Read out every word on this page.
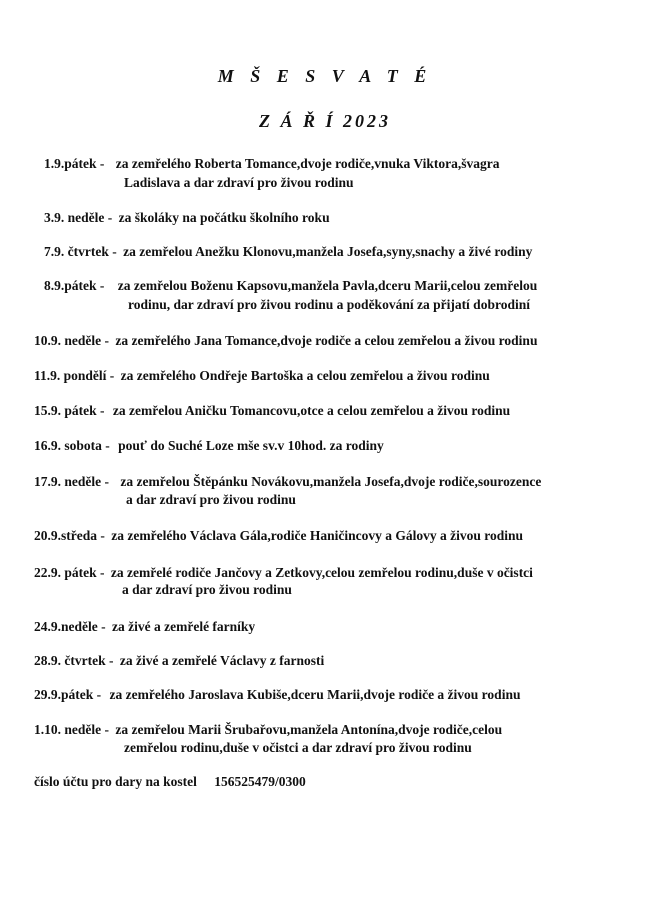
M Š E S V A T É
Z Á Ř Í 2023
1.9.pátek - za zemřelého Roberta Tomance,dvoje rodiče,vnuka Viktora,švagra
Ladislava a dar zdraví pro živou rodinu
3.9. neděle - za školáky na počátku školního roku
7.9. čtvrtek - za zemřelou Anežku Klonovu,manžela Josefa,syny,snachy a živé rodiny
8.9.pátek - za zemřelou Boženu Kapsovu,manžela Pavla,dceru Marii,celou zemřelou
rodinu, dar zdraví pro živou rodinu a poděkování za přijatí dobrodiní
10.9. neděle - za zemřelého Jana Tomance,dvoje rodiče a celou zemřelou a živou rodinu
11.9. pondělí - za zemřelého Ondřeje Bartoška a celou zemřelou a živou rodinu
15.9. pátek - za zemřelou Aničku Tomancovu,otce a celou zemřelou a živou rodinu
16.9. sobota - pouť do Suché Loze mše sv.v 10hod. za rodiny
17.9. neděle - za zemřelou Štěpánku Novákovu,manžela Josefa,dvoje rodiče,sourozence
a dar zdraví pro živou rodinu
20.9.středa - za zemřelého Václava Gála,rodiče Haničincovy a Gálovy a živou rodinu
22.9. pátek - za zemřelé rodiče Jančovy a Zetkovy,celou zemřelou rodinu,duše v očistci
a dar zdraví pro živou rodinu
24.9.neděle - za živé a zemřelé farníky
28.9. čtvrtek - za živé a zemřelé Václavy z farnosti
29.9.pátek - za zemřelého Jaroslava Kubiše,dceru Marii,dvoje rodiče a živou rodinu
1.10. neděle - za zemřelou Marii Šrubařovu,manžela Antonína,dvoje rodiče,celou
zemřelou rodinu,duše v očistci a dar zdraví pro živou rodinu
číslo účtu pro dary na kostel 156525479/0300
